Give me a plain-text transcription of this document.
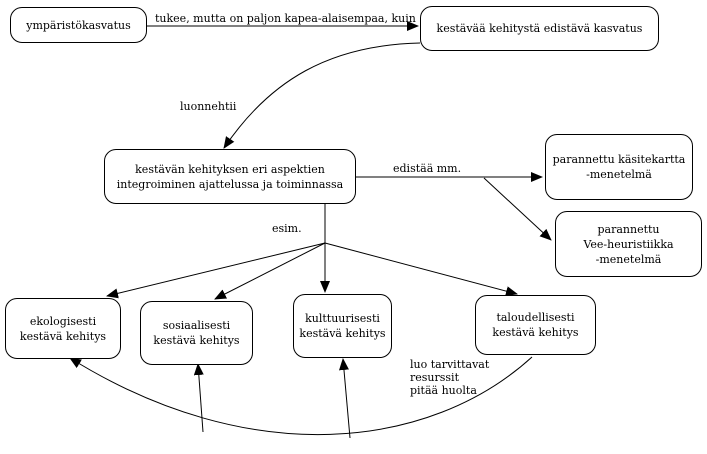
ympäristökasvatus	kestävää kehitystä edistävä kasvatus
kestävän kehityksen eri aspektien
integroiminen ajattelussa ja toiminnassa
parannettu käsitekartta
-menetelmä
parannettu
Vee-heuristiikka
-menetelmä
ekologisesti
kestävä kehitys
sosiaalisesti
kestävä kehitys
kulttuurisesti
kestävä kehitys
taloudellisesti
kestävä kehitys
tukee, mutta on paljon kapea-alaisempaa, kuin
luonnehtii
edistää mm.
esim.
luo tarvittavat
resurssit
pitää huolta
